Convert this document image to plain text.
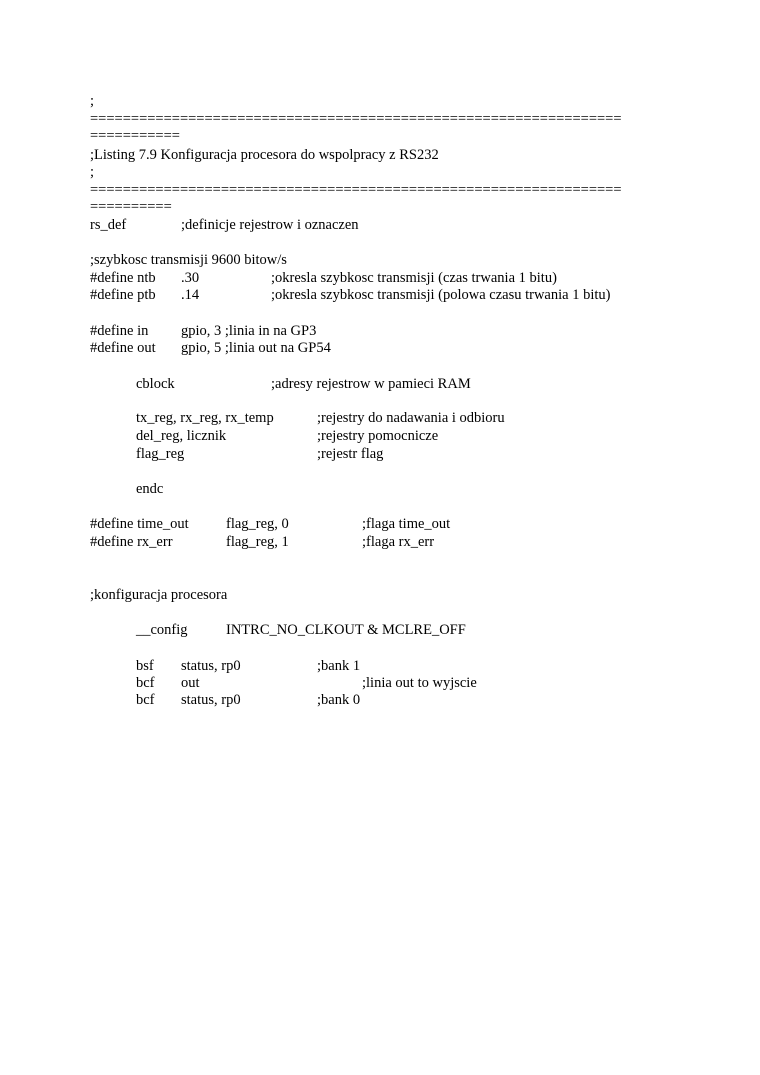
;
=================================================================
===========
;Listing 7.9 Konfiguracja procesora do wspolpracy z RS232
;
=================================================================
==========
rs_def	;definicje rejestrow i oznaczen
;szybkosc transmisji 9600 bitow/s
#define ntb .30	;okresla szybkosc transmisji (czas trwania 1 bitu)
#define ptb .14	;okresla szybkosc transmisji (polowa czasu trwania 1 bitu)
#define in gpio, 3 ;linia in na GP3
#define out gpio, 5 ;linia out na GP54
cblock	;adresy rejestrow w pamieci RAM
tx_reg, rx_reg, rx_temp	;rejestry do nadawania i odbioru
del_reg, licznik	;rejestry pomocnicze
flag_reg	;rejestr flag
endc
#define time_out	flag_reg, 0	;flaga time_out
#define rx_err	flag_reg, 1	;flaga rx_err
;konfiguracja procesora
__config	INTRC_NO_CLKOUT & MCLRE_OFF
bsf status, rp0	;bank 1
bcf out	;linia out to wyjscie
bcf status, rp0	;bank 0
